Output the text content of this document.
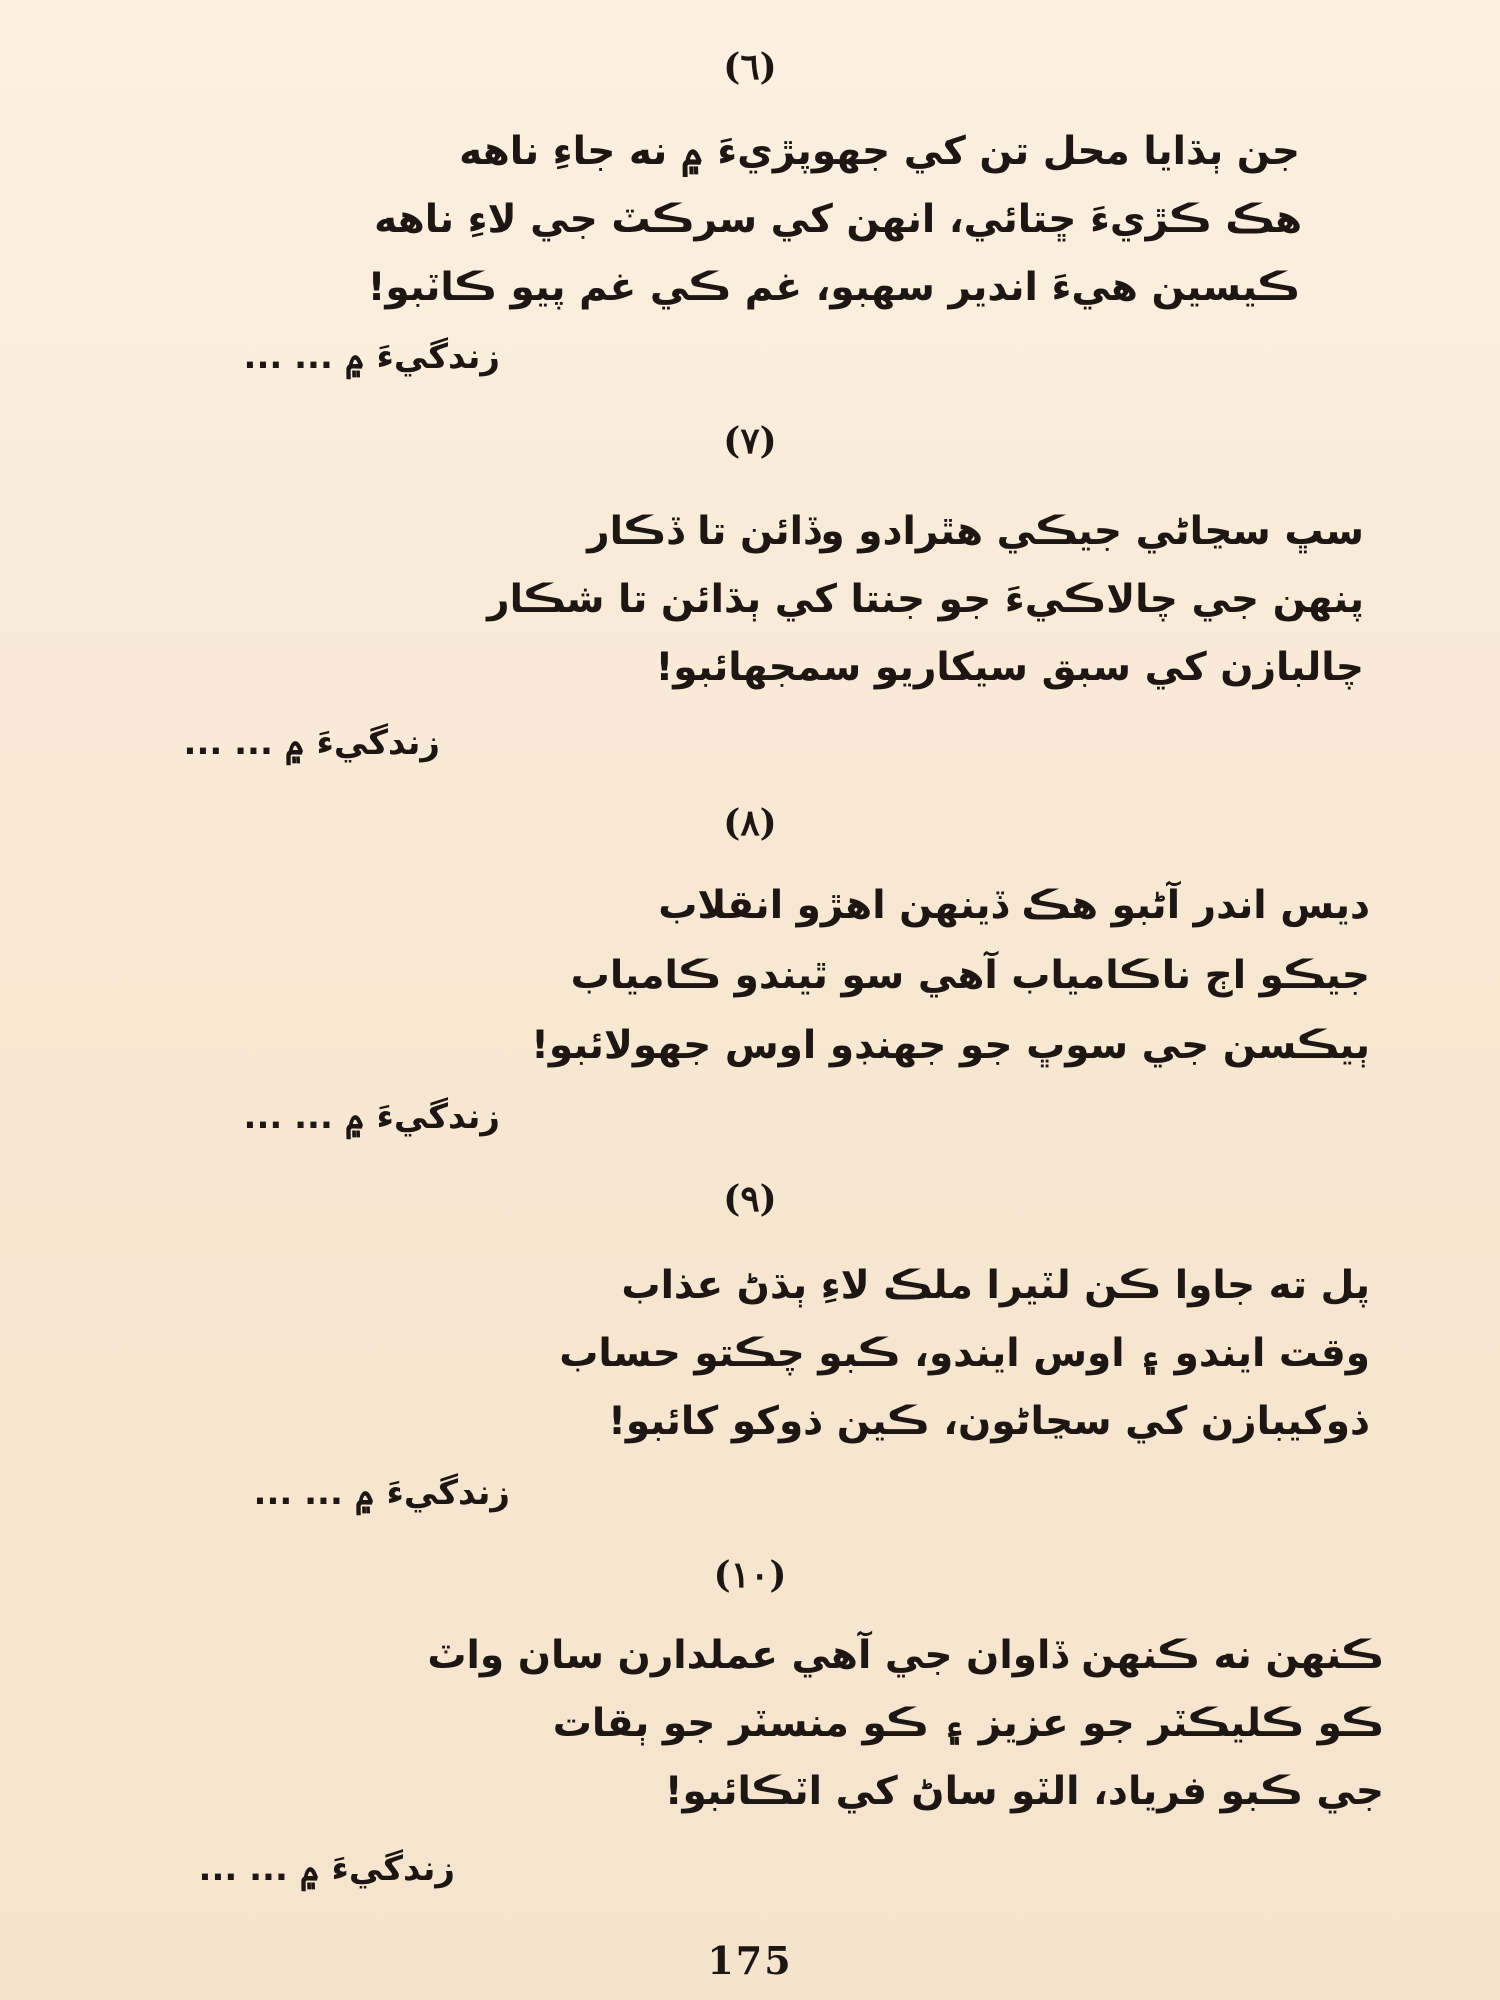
(٦)
جن ٻڌايا محل تن کي جهوپڙيءَ ۾ نه جاءِ ناهه
هڪ ڪڙيءَ ڇتائي، انهن کي سرڪٽ جي لاءِ ناهه
ڪيسين هيءَ اندير سهبو، غم ڪي غم پيو ڪاٽبو!
زندگيءَ ۾ ... ...
(٧)
سڀ سڃاڻي جيڪي هٿرادو وڏائن تا ڏڪار
پنهن جي چالاڪيءَ جو جنتا کي ٻڌائن تا شڪار
چالبازن کي سبق سيکاريو سمجهائبو!
زندگيءَ ۾ ... ...
(٨)
ديس اندر آڻبو هڪ ڏينهن اهڙو انقلاب
جيڪو اڄ ناڪامياب آهي سو ٿيندو ڪامياب
ٻيڪسن جي سوڀ جو جهنڊو اوس جهولائبو!
زندگيءَ ۾ ... ...
(٩)
پل ته جاوا ڪن لٽيرا ملڪ لاءِ ٻڌڻ عذاب
وقت ايندو ۽ اوس ايندو، ڪبو چڪتو حساب
ذوکيبازن کي سڃاڻون، ڪين ذوکو کائبو!
زندگيءَ ۾ ... ...
(١٠)
ڪنهن نه ڪنهن ڏاوان جي آهي عملدارن سان واٽ
ڪو ڪليڪٽر جو عزيز ۽ ڪو منسٽر جو ٻقات
جي ڪبو فرياد، الٽو ساڻ کي اٽڪائبو!
زندگيءَ ۾ ... ...
175
